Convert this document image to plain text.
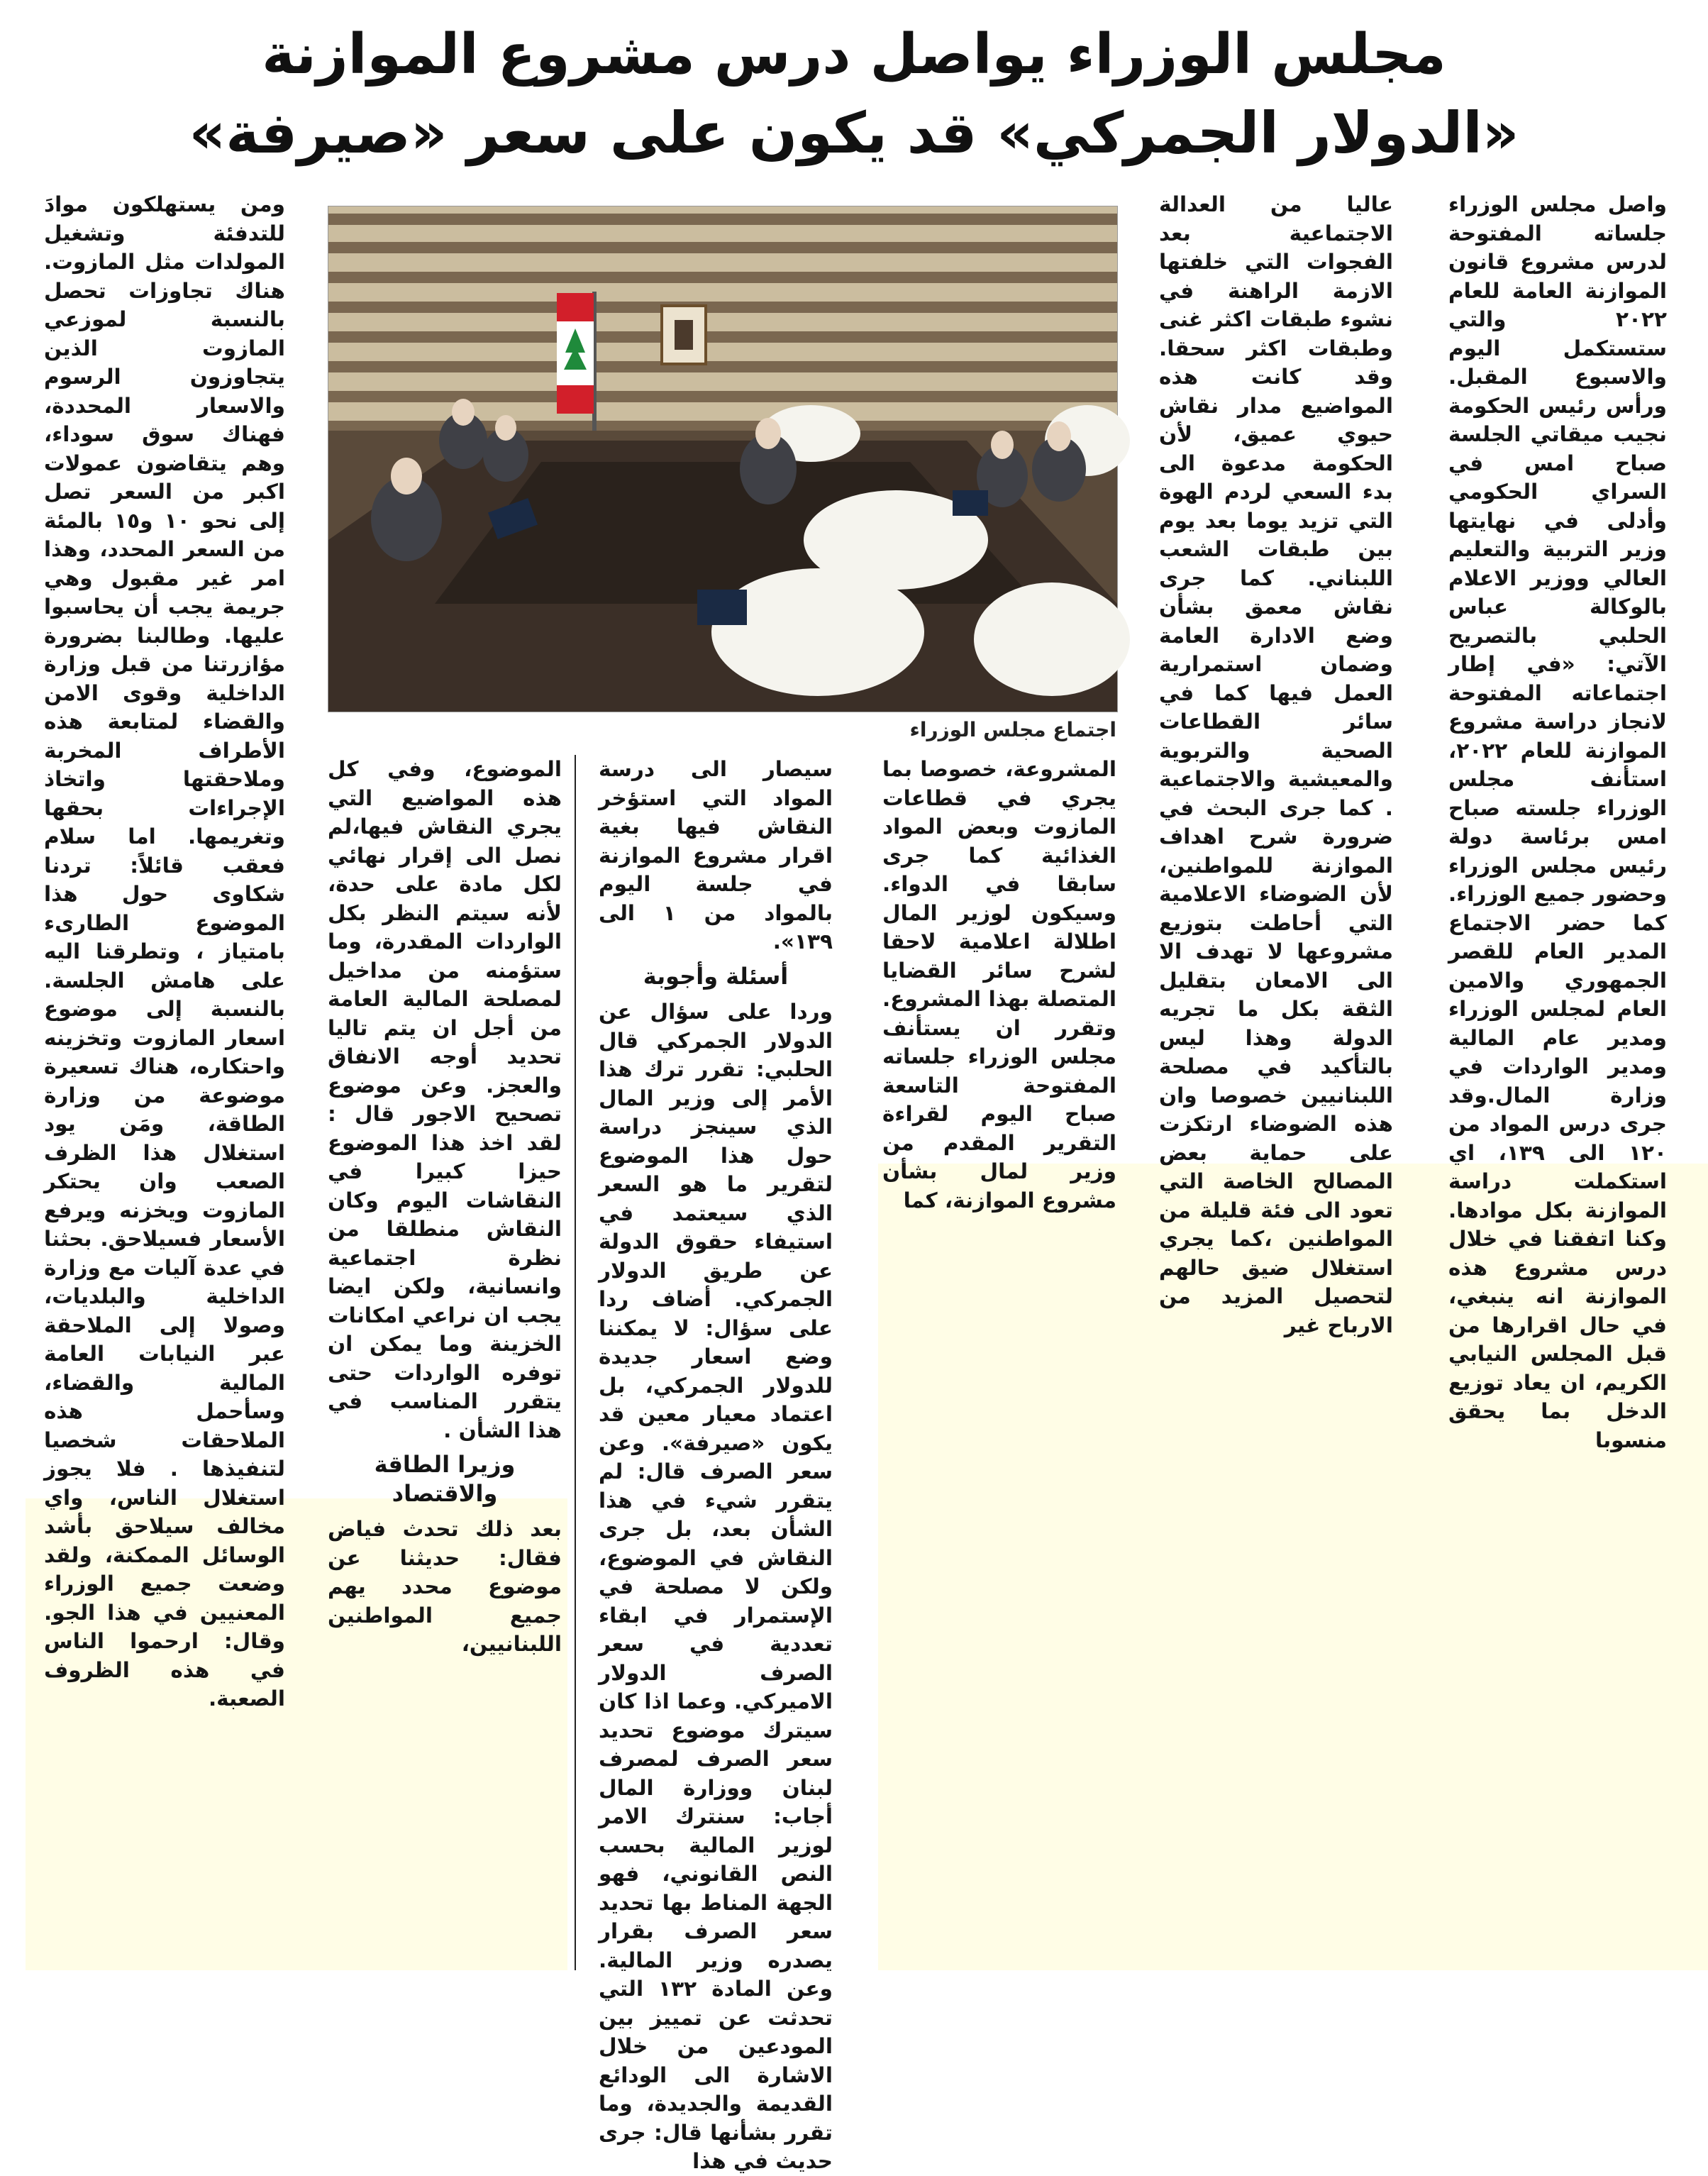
مجلس الوزراء يواصل درس مشروع الموازنة
«الدولار الجمركي» قد يكون على سعر «صيرفة»
واصل مجلس الوزراء جلساته المفتوحة لدرس مشروع قانون الموازنة العامة للعام ٢٠٢٢ والتي ستستكمل اليوم والاسبوع المقبل. ورأس رئيس الحكومة نجيب ميقاتي الجلسة صباح امس في السراي الحكومي وأدلى في نهايتها وزير التربية والتعليم العالي ووزير الاعلام بالوكالة عباس الحلبي بالتصريح الآتي: «في إطار اجتماعاته المفتوحة لانجاز دراسة مشروع الموازنة للعام ٢٠٢٢، استأنف مجلس الوزراء جلسته صباح امس برئاسة دولة رئيس مجلس الوزراء وحضور جميع الوزراء. كما حضر الاجتماع المدير العام للقصر الجمهوري والامين العام لمجلس الوزراء ومدير عام المالية ومدير الواردات في وزارة المال.وقد جرى درس المواد من ١٢٠ الى ١٣٩، اي استكملت دراسة الموازنة بكل موادها. وكنا اتفقنا في خلال درس مشروع هذه الموازنة انه ينبغي، في حال اقرارها من قبل المجلس النيابي الكريم، ان يعاد توزيع الدخل بما يحقق منسوبا
عاليا من العدالة الاجتماعية بعد الفجوات التي خلفتها الازمة الراهنة في نشوء طبقات اكثر غنى وطبقات اكثر سحقا. وقد كانت هذه المواضيع مدار نقاش حيوي عميق، لأن الحكومة مدعوة الى بدء السعي لردم الهوة التي تزيد يوما بعد يوم بين طبقات الشعب اللبناني. كما جرى نقاش معمق بشأن وضع الادارة العامة وضمان استمرارية العمل فيها كما في سائر القطاعات الصحية والتربوية والمعيشية والاجتماعية . كما جرى البحث في ضرورة شرح اهداف الموازنة للمواطنين، لأن الضوضاء الاعلامية التي أحاطت بتوزيع مشروعها لا تهدف الا الى الامعان بتقليل الثقة بكل ما تجريه الدولة وهذا ليس بالتأكيد في مصلحة اللبنانيين خصوصا وان هذه الضوضاء ارتكزت على حماية بعض المصالح الخاصة التي تعود الى فئة قليلة من المواطنين ،كما يجري استغلال ضيق حالهم لتحصيل المزيد من الارباح غير
اجتماع مجلس الوزراء
المشروعة، خصوصا بما يجري في قطاعات المازوت وبعض المواد الغذائية كما جرى سابقا في الدواء. وسيكون لوزير المال اطلالة اعلامية لاحقا لشرح سائر القضايا المتصلة بهذا المشروع. وتقرر ان يستأنف مجلس الوزراء جلساته المفتوحة التاسعة صباح اليوم لقراءة التقرير المقدم من وزير لمال بشأن مشروع الموازنة، كما

سيصار الى درسة المواد التي استؤخر النقاش فيها بغية اقرار مشروع الموازنة في جلسة اليوم بالمواد من ١ الى ١٣٩».

أسئلة وأجوبة

وردا على سؤال عن الدولار الجمركي قال الحلبي: تقرر ترك هذا الأمر إلى وزير المال الذي سينجز دراسة حول هذا الموضوع لتقرير ما هو السعر الذي سيعتمد في استيفاء حقوق الدولة عن طريق الدولار الجمركي. أضاف ردا على سؤال: لا يمكننا وضع اسعار جديدة للدولار الجمركي، بل اعتماد معيار معين قد يكون «صيرفة». وعن سعر الصرف قال: لم يتقرر شيء في هذا الشأن بعد، بل جرى النقاش في الموضوع، ولكن لا مصلحة في الإستمرار في ابقاء تعددية في سعر الصرف الدولار الاميركي. وعما اذا كان سيترك موضوع تحديد سعر الصرف لمصرف لبنان ووزارة المال أجاب: سنترك الامر لوزير المالية بحسب النص القانوني، فهو الجهة المناط بها تحديد سعر الصرف بقرار يصدره وزير المالية. وعن المادة ١٣٢ التي تحدثت عن تمييز بين المودعين من خلال الاشارة الى الودائع القديمة والجديدة، وما تقرر بشأنها قال: جرى حديث في هذا

الموضوع، وفي كل هذه المواضيع التي يجري النقاش فيها،لم نصل الى إقرار نهائي لكل مادة على حدة، لأنه سيتم النظر بكل الواردات المقدرة، وما ستؤمنه من مداخيل لمصلحة المالية العامة من أجل ان يتم تاليا تحديد أوجه الانفاق والعجز. وعن موضوع تصحيح الاجور قال : لقد اخذ هذا الموضوع حيزا كبيرا في النقاشات اليوم وكان النقاش منطلقا من نظرة اجتماعية وانسانية، ولكن ايضا يجب ان نراعي امكانات الخزينة وما يمكن ان توفره الواردات حتى يتقرر المناسب في هذا الشأن .

وزيرا الطاقة والاقتصاد

بعد ذلك تحدث فياض فقال: حديثنا عن موضوع محدد يهم جميع المواطنين اللبنانيين،

ومن يستهلكون موادَ للتدفئة وتشغيل المولدات مثل المازوت. هناك تجاوزات تحصل بالنسبة لموزعي المازوت الذين يتجاوزون الرسوم والاسعار المحددة، فهناك سوق سوداء، وهم يتقاضون عمولات اكبر من السعر تصل إلى نحو ١٠ و١٥ بالمئة من السعر المحدد، وهذا امر غير مقبول وهي جريمة يجب أن يحاسبوا عليها. وطالبنا بضرورة مؤازرتنا من قبل وزارة الداخلية وقوى الامن والقضاء لمتابعة هذه الأطراف المخربة وملاحقتها واتخاذ الإجراءات بحقها وتغريمها. اما سلام فعقب قائلاً: تردنا شكاوى حول هذا الموضوع الطارىء بامتياز ، وتطرقنا اليه على هامش الجلسة. بالنسبة إلى موضوع اسعار المازوت وتخزينه واحتكاره، هناك تسعيرة موضوعة من وزارة الطاقة، ومَن يود استغلال هذا الظرف الصعب وان يحتكر المازوت ويخزنه ويرفع الأسعار فسيلاحق. بحثنا في عدة آليات مع وزارة الداخلية والبلديات، وصولا إلى الملاحقة عبر النيابات العامة المالية والقضاء، وسأحمل هذه الملاحقات شخصيا لتنفيذها . فلا يجوز استغلال الناس، واي مخالف سيلاحق بأشد الوسائل الممكنة، ولقد وضعت جميع الوزراء المعنيين في هذا الجو. وقال: ارحموا الناس في هذه الظروف الصعبة.
